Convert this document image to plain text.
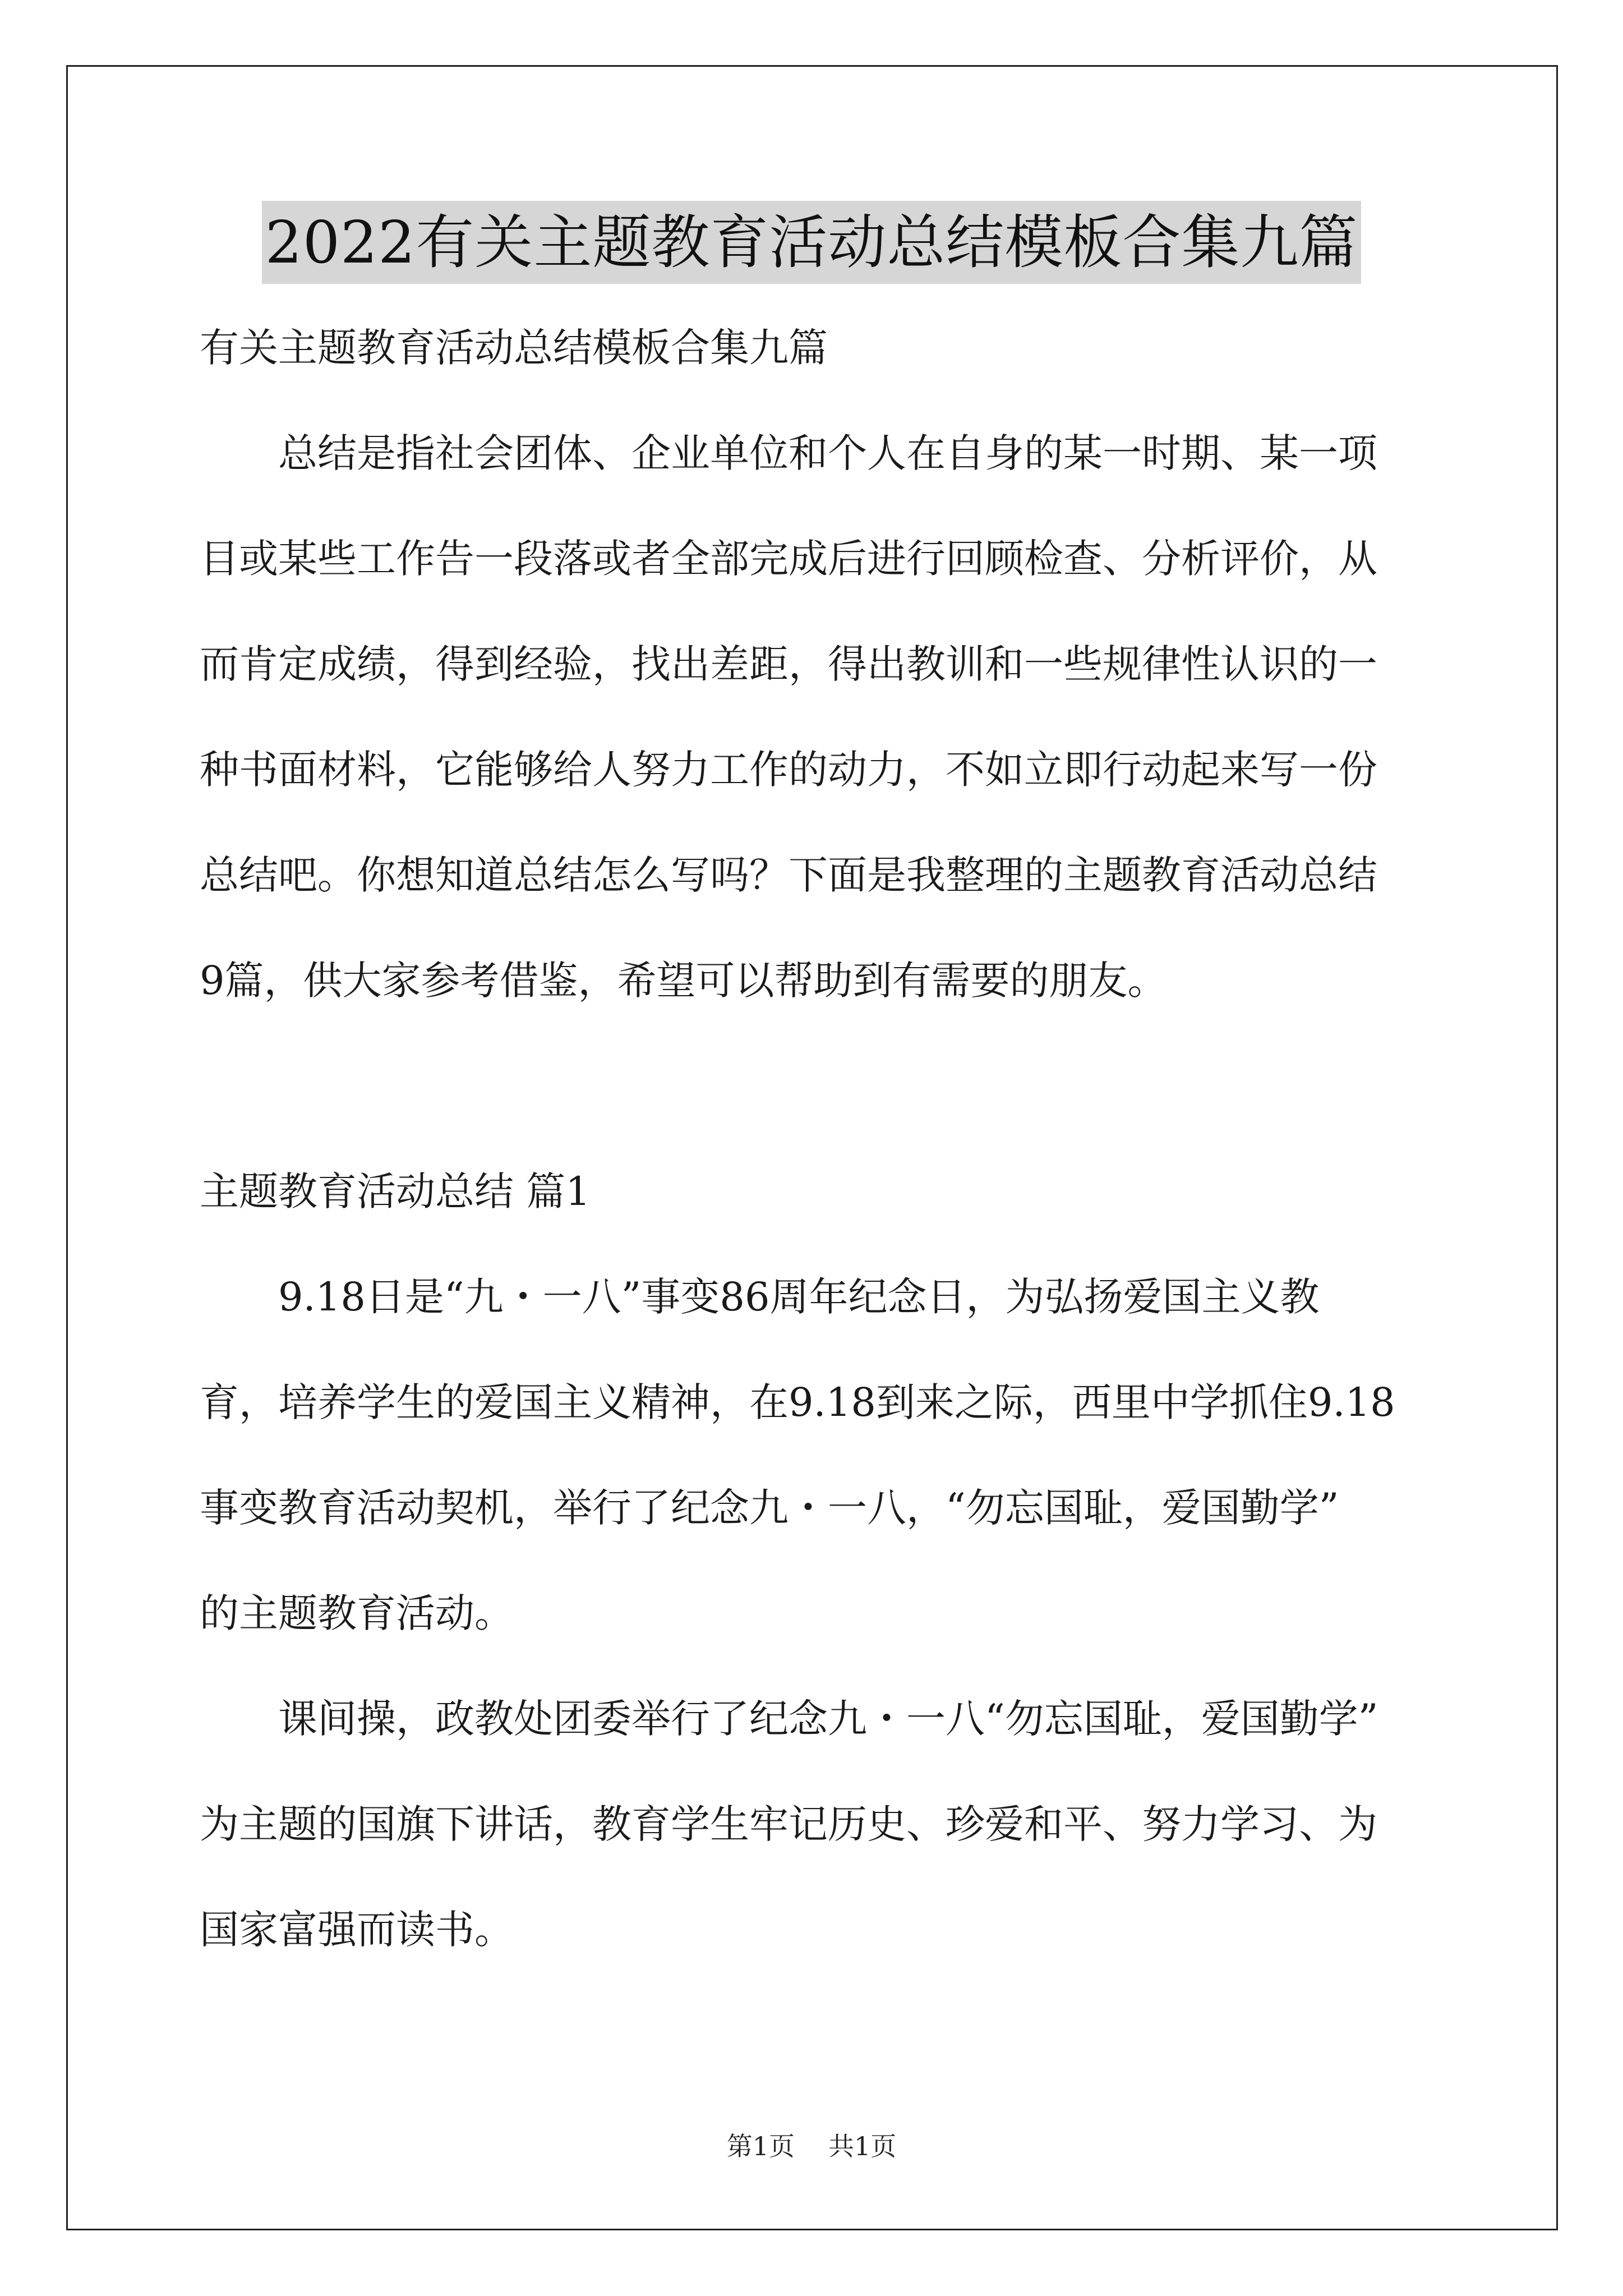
2022有关主题教育活动总结模板合集九篇
有关主题教育活动总结模板合集九篇
总结是指社会团体、企业单位和个人在自身的某一时期、某一项
目或某些工作告一段落或者全部完成后进行回顾检查、分析评价，从
而肯定成绩，得到经验，找出差距，得出教训和一些规律性认识的一
种书面材料，它能够给人努力工作的动力，不如立即行动起来写一份
总结吧。你想知道总结怎么写吗？下面是我整理的主题教育活动总结
9篇，供大家参考借鉴，希望可以帮助到有需要的朋友。
主题教育活动总结 篇1
9.18日是“九・一八”事变86周年纪念日，为弘扬爱国主义教
育，培养学生的爱国主义精神，在9.18到来之际，西里中学抓住9.18
事变教育活动契机，举行了纪念九・一八，“勿忘国耻，爱国勤学”
的主题教育活动。
课间操，政教处团委举行了纪念九・一八“勿忘国耻，爱国勤学”
为主题的国旗下讲话，教育学生牢记历史、珍爱和平、努力学习、为
国家富强而读书。
第1页 共1页
